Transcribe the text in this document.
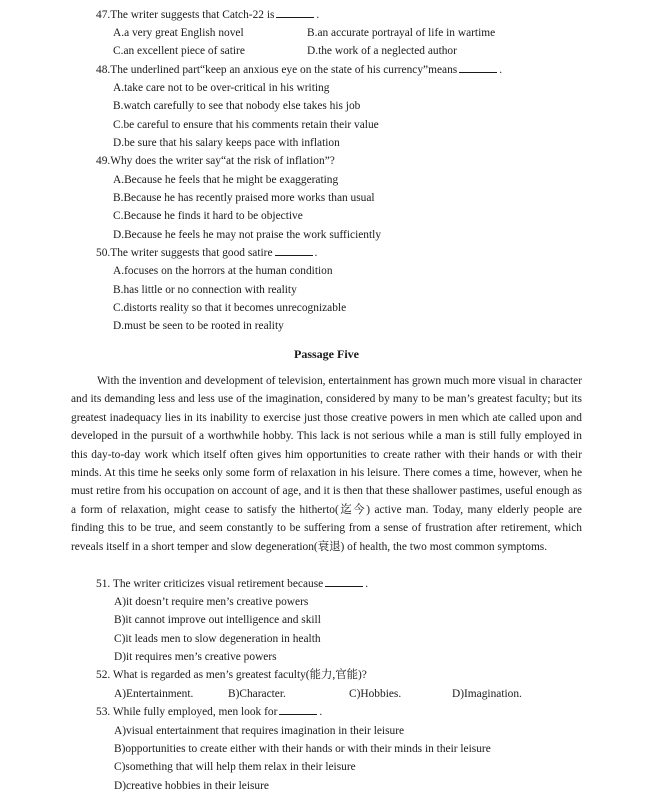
47.The writer suggests that Catch-22 is	.
A.a very great English novel	B.an accurate portrayal of life in wartime
C.an excellent piece of satire	D.the work of a neglected author
48.The underlined part“keep an anxious eye on the state of his currency”means	.
A.take care not to be over-critical in his writing
B.watch carefully to see that nobody else takes his job
C.be careful to ensure that his comments retain their value
D.be sure that his salary keeps pace with inflation
49.Why does the writer say“at the risk of inflation”?
A.Because he feels that he might be exaggerating
B.Because he has recently praised more works than usual
C.Because he finds it hard to be objective
D.Because he feels he may not praise the work sufficiently
50.The writer suggests that good satire	.
A.focuses on the horrors at the human condition
B.has little or no connection with reality
C.distorts reality so that it becomes unrecognizable
D.must be seen to be rooted in reality
Passage Five
With the invention and development of television, entertainment has grown much more visual in character and its demanding less and less use of the imagination, considered by many to be man’s greatest faculty; but its greatest inadequacy lies in its inability to exercise just those creative powers in men which ate called upon and developed in the pursuit of a worthwhile hobby. This lack is not serious while a man is still fully employed in this day-to-day work which itself often gives him opportunities to create rather with their hands or with their minds. At this time he seeks only some form of relaxation in his leisure. There comes a time, however, when he must retire from his occupation on account of age, and it is then that these shallower pastimes, useful enough as a form of relaxation, might cease to satisfy the hitherto(迄今) active man. Today, many elderly people are finding this to be true, and seem constantly to be suffering from a sense of frustration after retirement, which reveals itself in a short temper and slow degeneration(衰退) of health, the two most common symptoms.
51. The writer criticizes visual retirement because	.
A)it doesn’t require men’s creative powers
B)it cannot improve out intelligence and skill
C)it leads men to slow degeneration in health
D)it requires men’s creative powers
52. What is regarded as men’s greatest faculty(能力,官能)?
A)Entertainment.	B)Character.	C)Hobbies.	D)Imagination.
53. While fully employed, men look for	.
A)visual entertainment that requires imagination in their leisure
B)opportunities to create either with their hands or with their minds in their leisure
C)something that will help them relax in their leisure
D)creative hobbies in their leisure
